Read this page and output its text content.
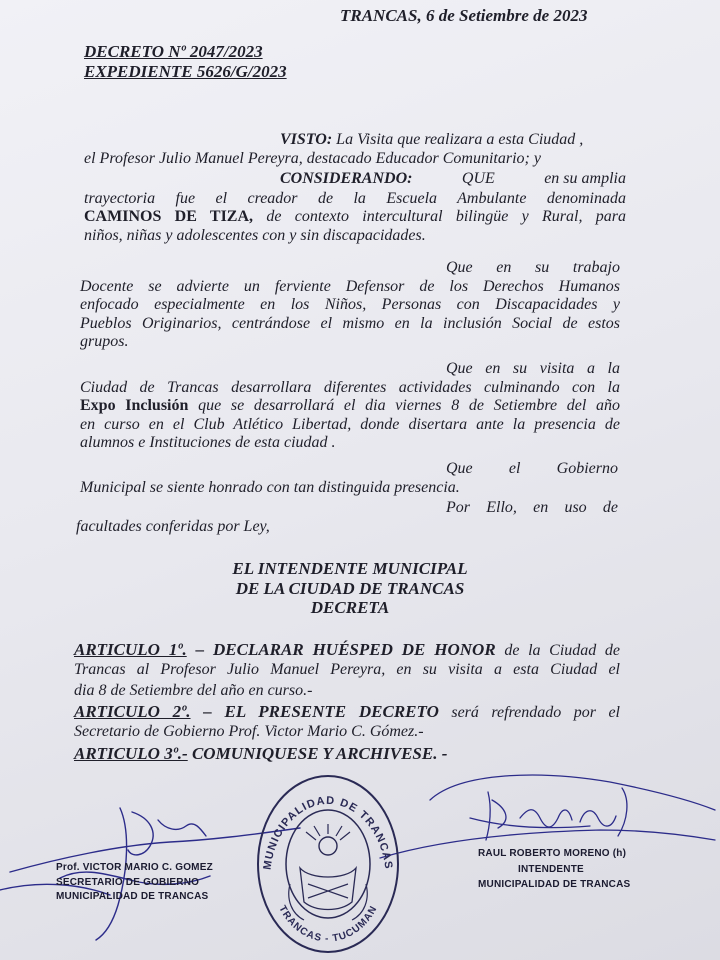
TRANCAS, 6 de Setiembre de 2023
DECRETO Nº 2047/2023
EXPEDIENTE 5626/G/2023
VISTO: La Visita que realizara a esta Ciudad ,
el Profesor Julio Manuel Pereyra, destacado Educador Comunitario; y
CONSIDERANDO:	QUE	en su amplia
trayectoria fue el creador de la Escuela Ambulante denominada
CAMINOS DE TIZA, de contexto intercultural bilingüe y Rural, para
niños, niñas y adolescentes con y sin discapacidades.
Que en su trabajo
Docente se advierte un ferviente Defensor de los Derechos Humanos
enfocado especialmente en los Niños, Personas con Discapacidades y
Pueblos Originarios, centrándose el mismo en la inclusión Social de estos
grupos.
Que en su visita a la
Ciudad de Trancas desarrollara diferentes actividades culminando con la
Expo Inclusión que se desarrollará el dia viernes 8 de Setiembre del año
en curso en el Club Atlético Libertad, donde disertara ante la presencia de
alumnos e Instituciones de esta ciudad .
Que el Gobierno
Municipal se siente honrado con tan distinguida presencia.
Por Ello, en uso de
facultades conferidas por Ley,
EL INTENDENTE MUNICIPAL
DE LA CIUDAD DE TRANCAS
DECRETA
ARTICULO 1º. – DECLARAR HUÉSPED DE HONOR de la Ciudad de
Trancas al Profesor Julio Manuel Pereyra, en su visita a esta Ciudad el
dia 8 de Setiembre del año en curso.-
ARTICULO 2º. – EL PRESENTE DECRETO será refrendado por el
Secretario de Gobierno Prof. Victor Mario C. Gómez.-
ARTICULO 3º.- COMUNIQUESE Y ARCHIVESE. -
MUNICIPALIDAD DE TRANCAS
TRANCAS - TUCUMAN
Prof. VICTOR MARIO C. GOMEZ
SECRETARIO DE GOBIERNO
MUNICIPALIDAD DE TRANCAS
RAUL ROBERTO MORENO (h)
INTENDENTE
MUNICIPALIDAD DE TRANCAS
